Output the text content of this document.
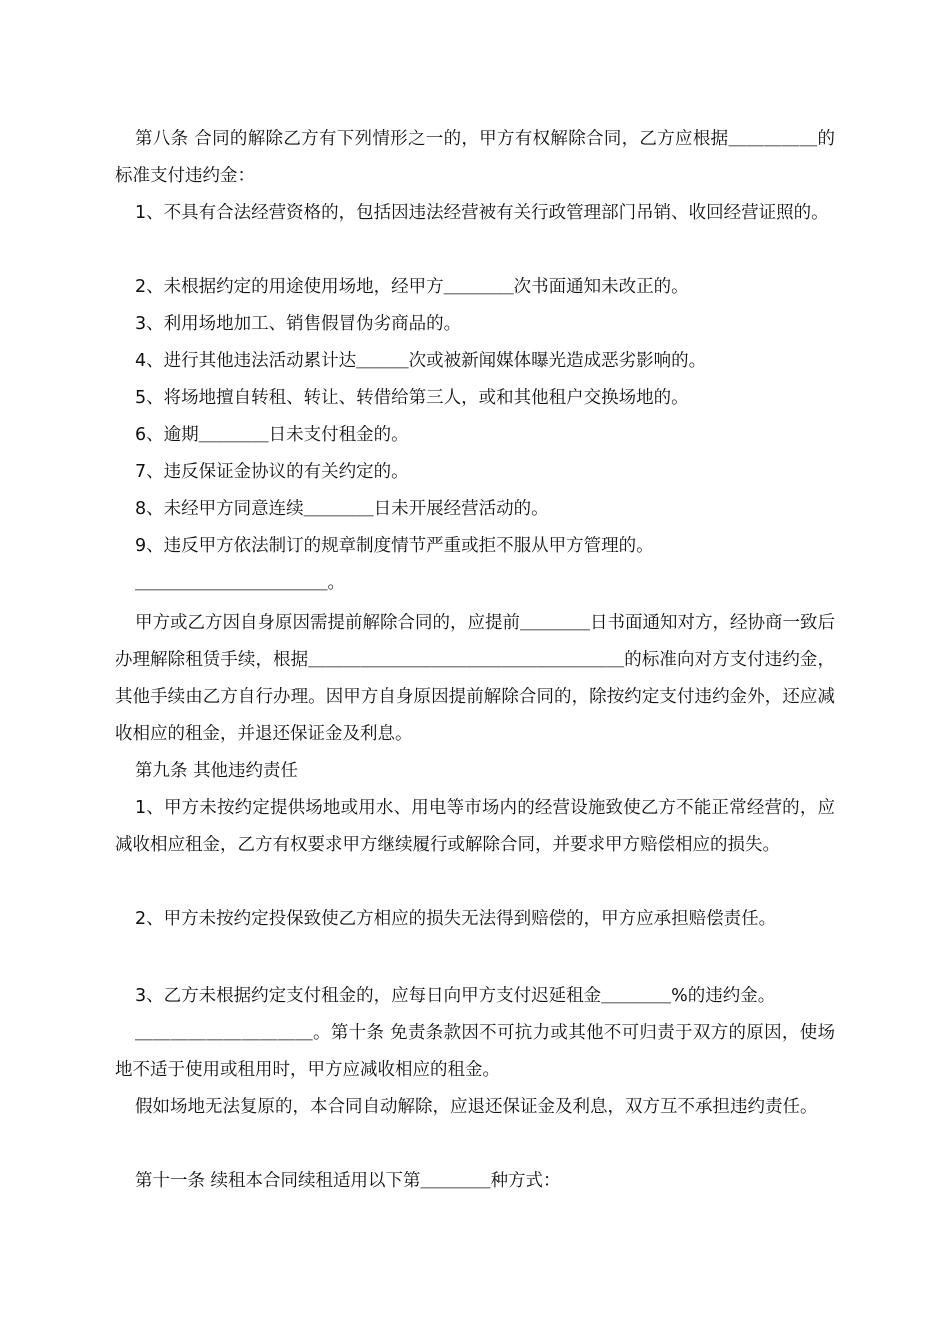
第八条 合同的解除乙方有下列情形之一的，甲方有权解除合同，乙方应根据＿＿＿＿＿的标准支付违约金：

1、不具有合法经营资格的，包括因违法经营被有关行政管理部门吊销、收回经营证照的。

2、未根据约定的用途使用场地，经甲方＿＿＿＿次书面通知未改正的。

3、利用场地加工、销售假冒伪劣商品的。

4、进行其他违法活动累计达＿＿＿次或被新闻媒体曝光造成恶劣影响的。

5、将场地擅自转租、转让、转借给第三人，或和其他租户交换场地的。

6、逾期＿＿＿＿日未支付租金的。

7、违反保证金协议的有关约定的。

8、未经甲方同意连续＿＿＿＿日未开展经营活动的。

9、违反甲方依法制订的规章制度情节严重或拒不服从甲方管理的。

＿＿＿＿＿＿＿＿＿＿＿。

甲方或乙方因自身原因需提前解除合同的，应提前＿＿＿＿日书面通知对方，经协商一致后办理解除租赁手续，根据＿＿＿＿＿＿＿＿＿＿＿＿＿＿＿＿＿＿的标准向对方支付违约金，其他手续由乙方自行办理。因甲方自身原因提前解除合同的，除按约定支付违约金外，还应减收相应的租金，并退还保证金及利息。

第九条 其他违约责任

1、甲方未按约定提供场地或用水、用电等市场内的经营设施致使乙方不能正常经营的，应减收相应租金，乙方有权要求甲方继续履行或解除合同，并要求甲方赔偿相应的损失。

2、甲方未按约定投保致使乙方相应的损失无法得到赔偿的，甲方应承担赔偿责任。

3、乙方未根据约定支付租金的，应每日向甲方支付迟延租金＿＿＿＿%的违约金。

＿＿＿＿＿＿＿＿＿＿。第十条 免责条款因不可抗力或其他不可归责于双方的原因，使场地不适于使用或租用时，甲方应减收相应的租金。

假如场地无法复原的，本合同自动解除，应退还保证金及利息，双方互不承担违约责任。

第十一条 续租本合同续租适用以下第＿＿＿＿种方式：
